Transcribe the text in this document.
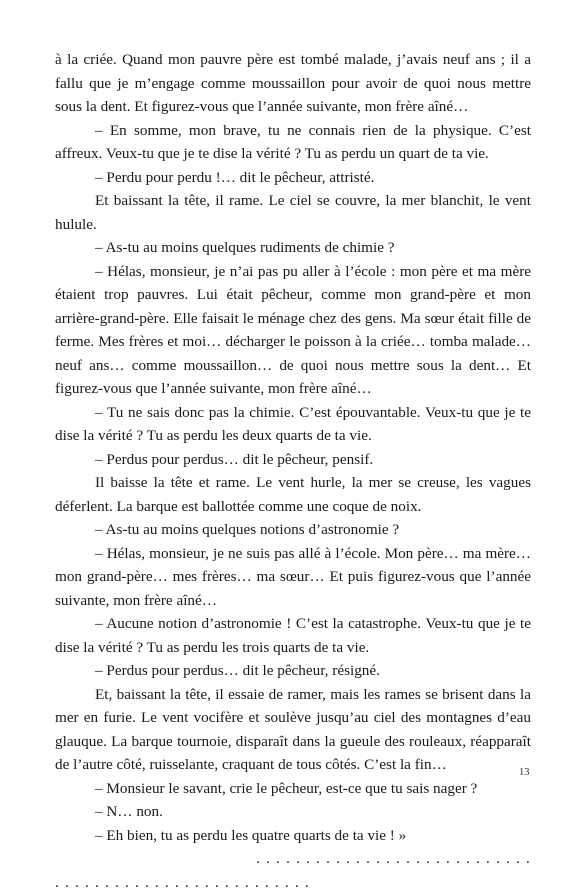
à la criée. Quand mon pauvre père est tombé malade, j’avais neuf ans ; il a fallu que je m’engage comme moussaillon pour avoir de quoi nous mettre sous la dent. Et figurez-vous que l’année suivante, mon frère aîné…

– En somme, mon brave, tu ne connais rien de la physique. C’est affreux. Veux-tu que je te dise la vérité ? Tu as perdu un quart de ta vie.

– Perdu pour perdu !… dit le pêcheur, attristé.

Et baissant la tête, il rame. Le ciel se couvre, la mer blanchit, le vent hulule.

– As-tu au moins quelques rudiments de chimie ?

– Hélas, monsieur, je n’ai pas pu aller à l’école : mon père et ma mère étaient trop pauvres. Lui était pêcheur, comme mon grand-père et mon arrière-grand-père. Elle faisait le ménage chez des gens. Ma sœur était fille de ferme. Mes frères et moi… décharger le poisson à la criée… tomba malade… neuf ans… comme moussaillon… de quoi nous mettre sous la dent… Et figurez-vous que l’année suivante, mon frère aîné…

– Tu ne sais donc pas la chimie. C’est épouvantable. Veux-tu que je te dise la vérité ? Tu as perdu les deux quarts de ta vie.

– Perdus pour perdus… dit le pêcheur, pensif.

Il baisse la tête et rame. Le vent hurle, la mer se creuse, les vagues déferlent. La barque est ballottée comme une coque de noix.

– As-tu au moins quelques notions d’astronomie ?

– Hélas, monsieur, je ne suis pas allé à l’école. Mon père… ma mère… mon grand-père… mes frères… ma sœur… Et puis figurez-vous que l’année suivante, mon frère aîné…

– Aucune notion d’astronomie ! C’est la catastrophe. Veux-tu que je te dise la vérité ? Tu as perdu les trois quarts de ta vie.

– Perdus pour perdus… dit le pêcheur, résigné.

Et, baissant la tête, il essaie de ramer, mais les rames se brisent dans la mer en furie. Le vent vocifère et soulève jusqu’au ciel des montagnes d’eau glauque. La barque tournoie, disparaît dans la gueule des rouleaux, réapparaît de l’autre côté, ruisselante, craquant de tous côtés. C’est la fin…

– Monsieur le savant, crie le pêcheur, est-ce que tu sais nager ?

– N… non.

– Eh bien, tu as perdu les quatre quarts de ta vie ! »

. . . . . . . . . . . . . . . . . . . . . . . . . . . .

. . . . . . . . . . . . . . . . . . . . . . . . . .

13
